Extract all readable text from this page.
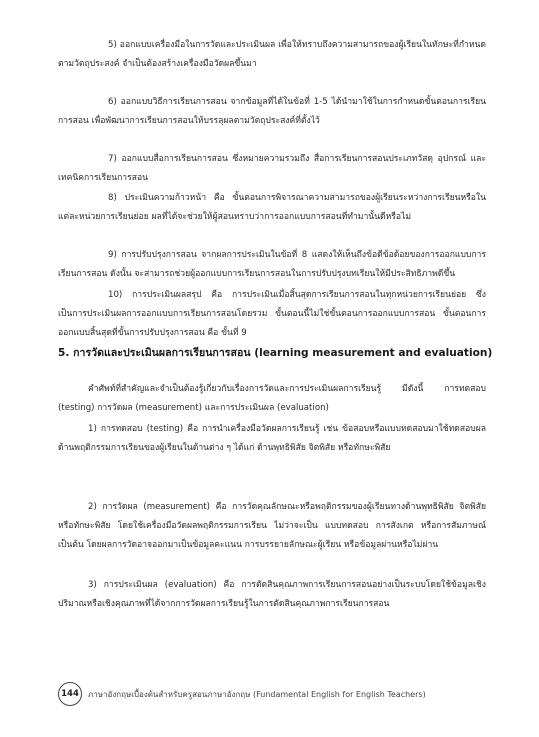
5) ออกแบบเครื่องมือในการวัดและประเมินผล เพื่อให้ทราบถึงความสามารถของผู้เรียนในทักษะที่กำหนดตามวัตถุประสงค์ จำเป็นต้องสร้างเครื่องมือวัดผลขึ้นมา

6) ออกแบบวิธีการเรียนการสอน จากข้อมูลที่ได้ในข้อที่ 1-5 ได้นำมาใช้ในการกำหนดขั้นตอนการเรียนการสอน เพื่อพัฒนาการเรียนการสอนให้บรรลุผลตามวัตถุประสงค์ที่ตั้งไว้

7) ออกแบบสื่อการเรียนการสอน ซึ่งหมายความรวมถึง สื่อการเรียนการสอนประเภทวัสดุ อุปกรณ์ และเทคนิคการเรียนการสอน

8) ประเมินความก้าวหน้า คือ ขั้นตอนการพิจารณาความสามารถของผู้เรียนระหว่างการเรียนหรือในแต่ละหน่วยการเรียนย่อย ผลที่ได้จะช่วยให้ผู้สอนทราบว่าการออกแบบการสอนที่ทำมานั้นดีหรือไม่

9) การปรับปรุงการสอน จากผลการประเมินในข้อที่ 8 แสดงให้เห็นถึงข้อดีข้อด้อยของการออกแบบการเรียนการสอน ดังนั้น จะสามารถช่วยผู้ออกแบบการเรียนการสอนในการปรับปรุงบทเรียนให้มีประสิทธิภาพดีขึ้น

10) การประเมินผลสรุป คือ การประเมินเมื่อสิ้นสุดการเรียนการสอนในทุกหน่วยการเรียนย่อย ซึ่งเป็นการประเมินผลการออกแบบการเรียนการสอนโดยรวม ขั้นตอนนี้ไม่ใช่ขั้นตอนการออกแบบการสอน ขั้นตอนการออกแบบสิ้นสุดที่ขั้นการปรับปรุงการสอน คือ ขั้นที่ 9

5. การวัดและประเมินผลการเรียนการสอน (learning measurement and evaluation)

คำศัพท์ที่สำคัญและจำเป็นต้องรู้เกี่ยวกับเรื่องการวัดและการประเมินผลการเรียนรู้ มีดังนี้ การทดสอบ (testing) การวัดผล (measurement) และการประเมินผล (evaluation)

1) การทดสอบ (testing) คือ การนำเครื่องมือวัดผลการเรียนรู้ เช่น ข้อสอบหรือแบบทดสอบมาใช้ทดสอบผลด้านพฤติกรรมการเรียนของผู้เรียนในด้านต่าง ๆ ได้แก่ ด้านพุทธิพิสัย จิตพิสัย หรือทักษะพิสัย

2) การวัดผล (measurement) คือ การวัดคุณลักษณะหรือพฤติกรรมของผู้เรียนทางด้านพุทธิพิสัย จิตพิสัย หรือทักษะพิสัย โดยใช้เครื่องมือวัดผลพฤติกรรมการเรียน ไม่ว่าจะเป็น แบบทดสอบ การสังเกต หรือการสัมภาษณ์ เป็นต้น โดยผลการวัดอาจออกมาเป็นข้อมูลคะแนน การบรรยายลักษณะผู้เรียน หรือข้อมูลผ่านหรือไม่ผ่าน

3) การประเมินผล (evaluation) คือ การตัดสินคุณภาพการเรียนการสอนอย่างเป็นระบบโดยใช้ข้อมูลเชิงปริมาณหรือเชิงคุณภาพที่ได้จากการวัดผลการเรียนรู้ในการตัดสินคุณภาพการเรียนการสอน

144	ภาษาอังกฤษเบื้องต้นสำหรับครูสอนภาษาอังกฤษ (Fundamental English for English Teachers)
